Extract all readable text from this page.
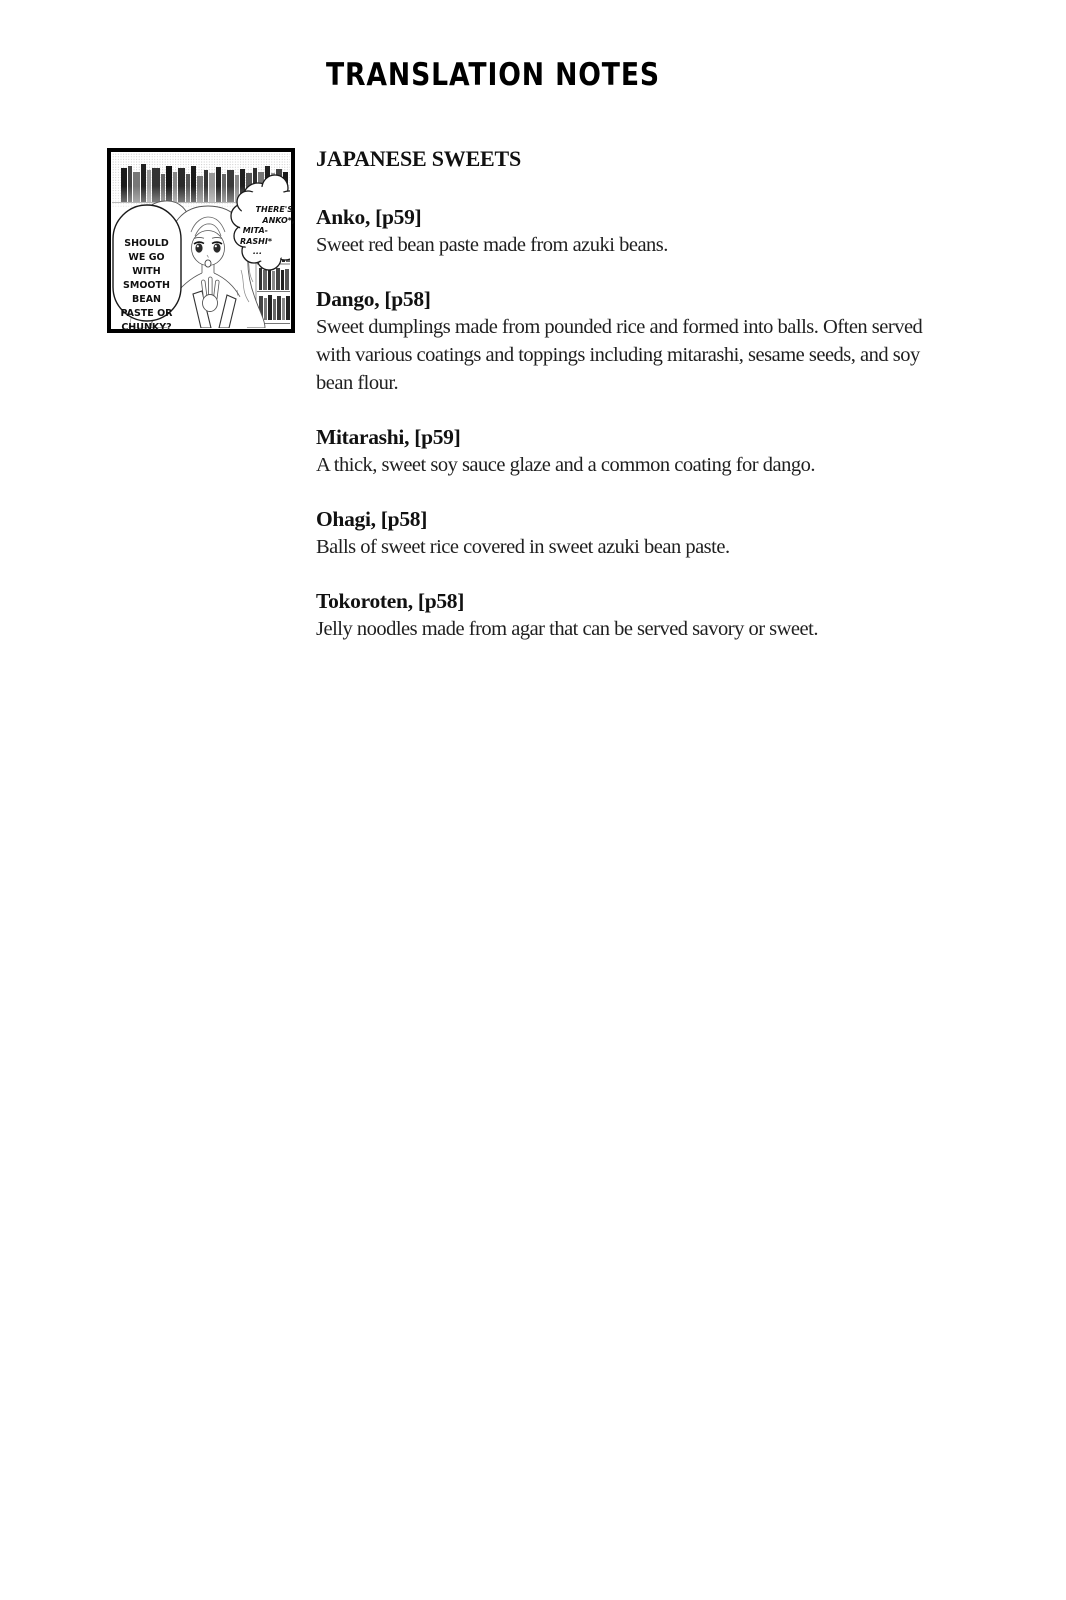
TRANSLATION NOTES
SHOULD WE GO WITH SMOOTH BEAN PASTE OR CHUNKY?
THERE'S
ANKO*,
MITA-
RASHI*
...
JAPANESE SWEETS
Anko, [p59]
Sweet red bean paste made from azuki beans.
Dango, [p58]
Sweet dumplings made from pounded rice and formed into balls. Often served with various coatings and toppings including mitarashi, sesame seeds, and soy bean flour.
Mitarashi, [p59]
A thick, sweet soy sauce glaze and a common coating for dango.
Ohagi, [p58]
Balls of sweet rice covered in sweet azuki bean paste.
Tokoroten, [p58]
Jelly noodles made from agar that can be served savory or sweet.
